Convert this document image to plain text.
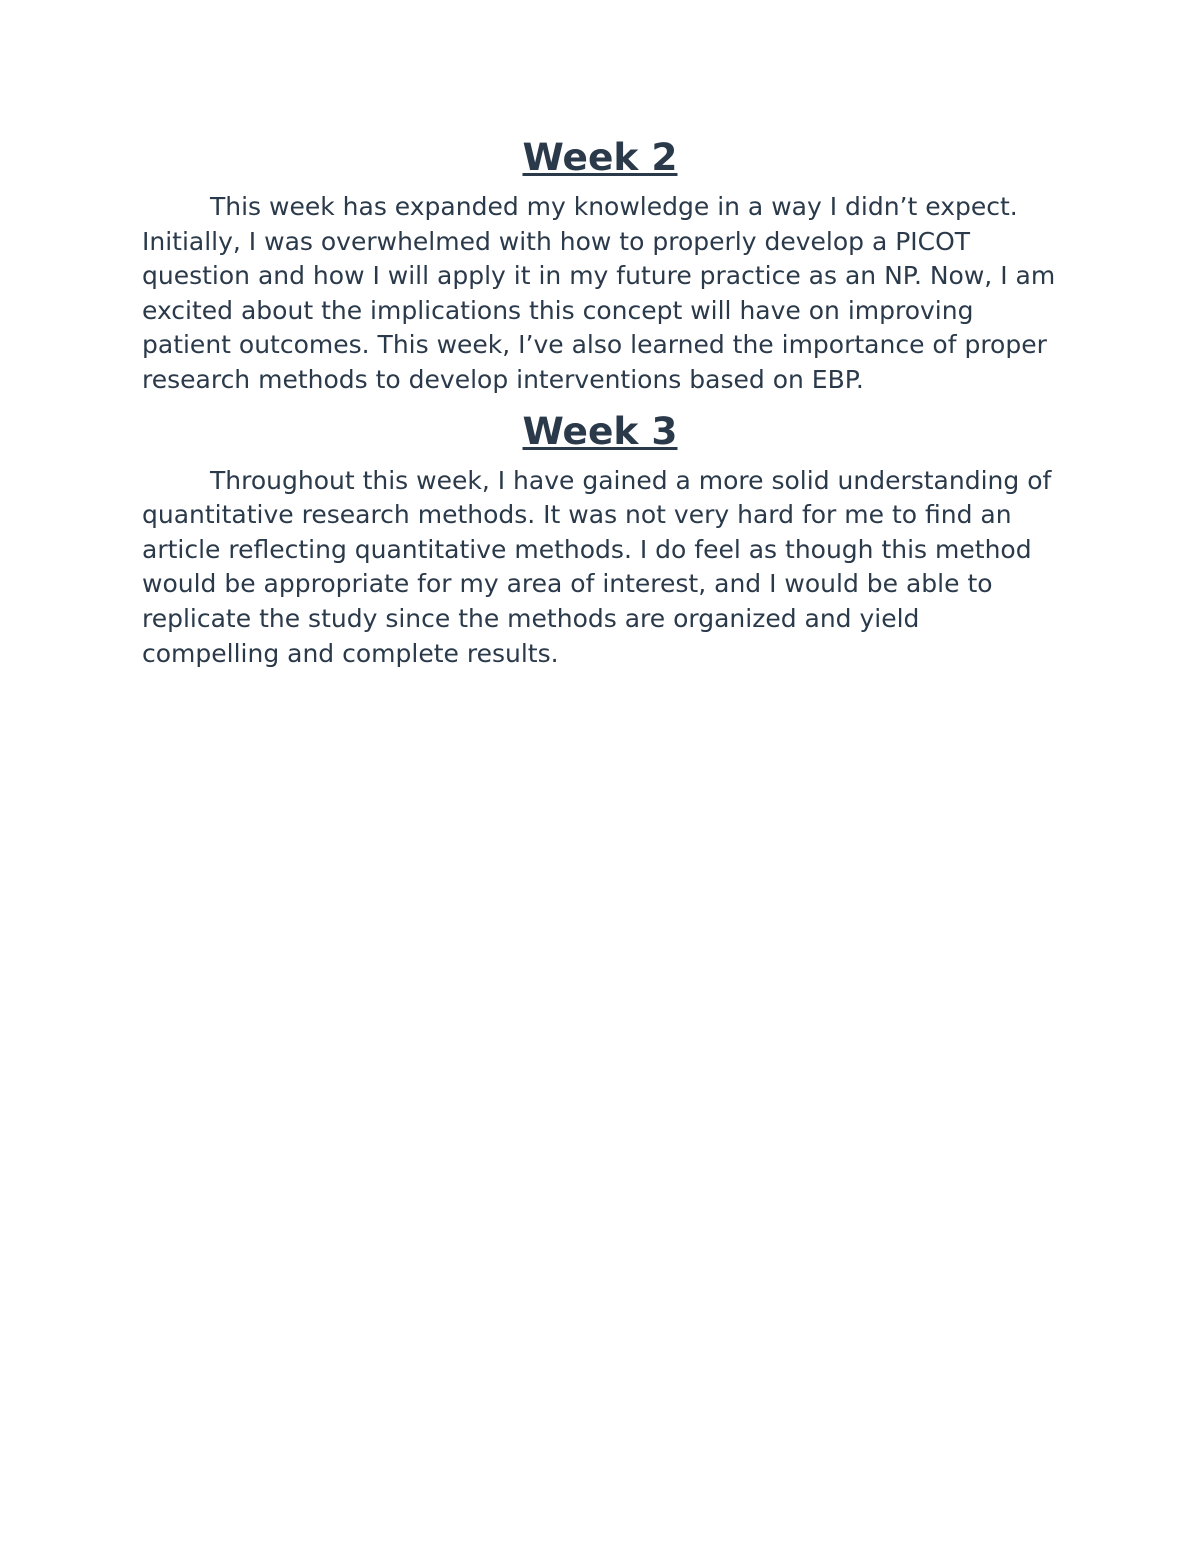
Week 2

This week has expanded my knowledge in a way I didn’t expect. Initially, I was overwhelmed with how to properly develop a PICOT question and how I will apply it in my future practice as an NP. Now, I am excited about the implications this concept will have on improving patient outcomes. This week, I’ve also learned the importance of proper research methods to develop interventions based on EBP.

Week 3

Throughout this week, I have gained a more solid understanding of quantitative research methods. It was not very hard for me to find an article reflecting quantitative methods. I do feel as though this method would be appropriate for my area of interest, and I would be able to replicate the study since the methods are organized and yield compelling and complete results.
